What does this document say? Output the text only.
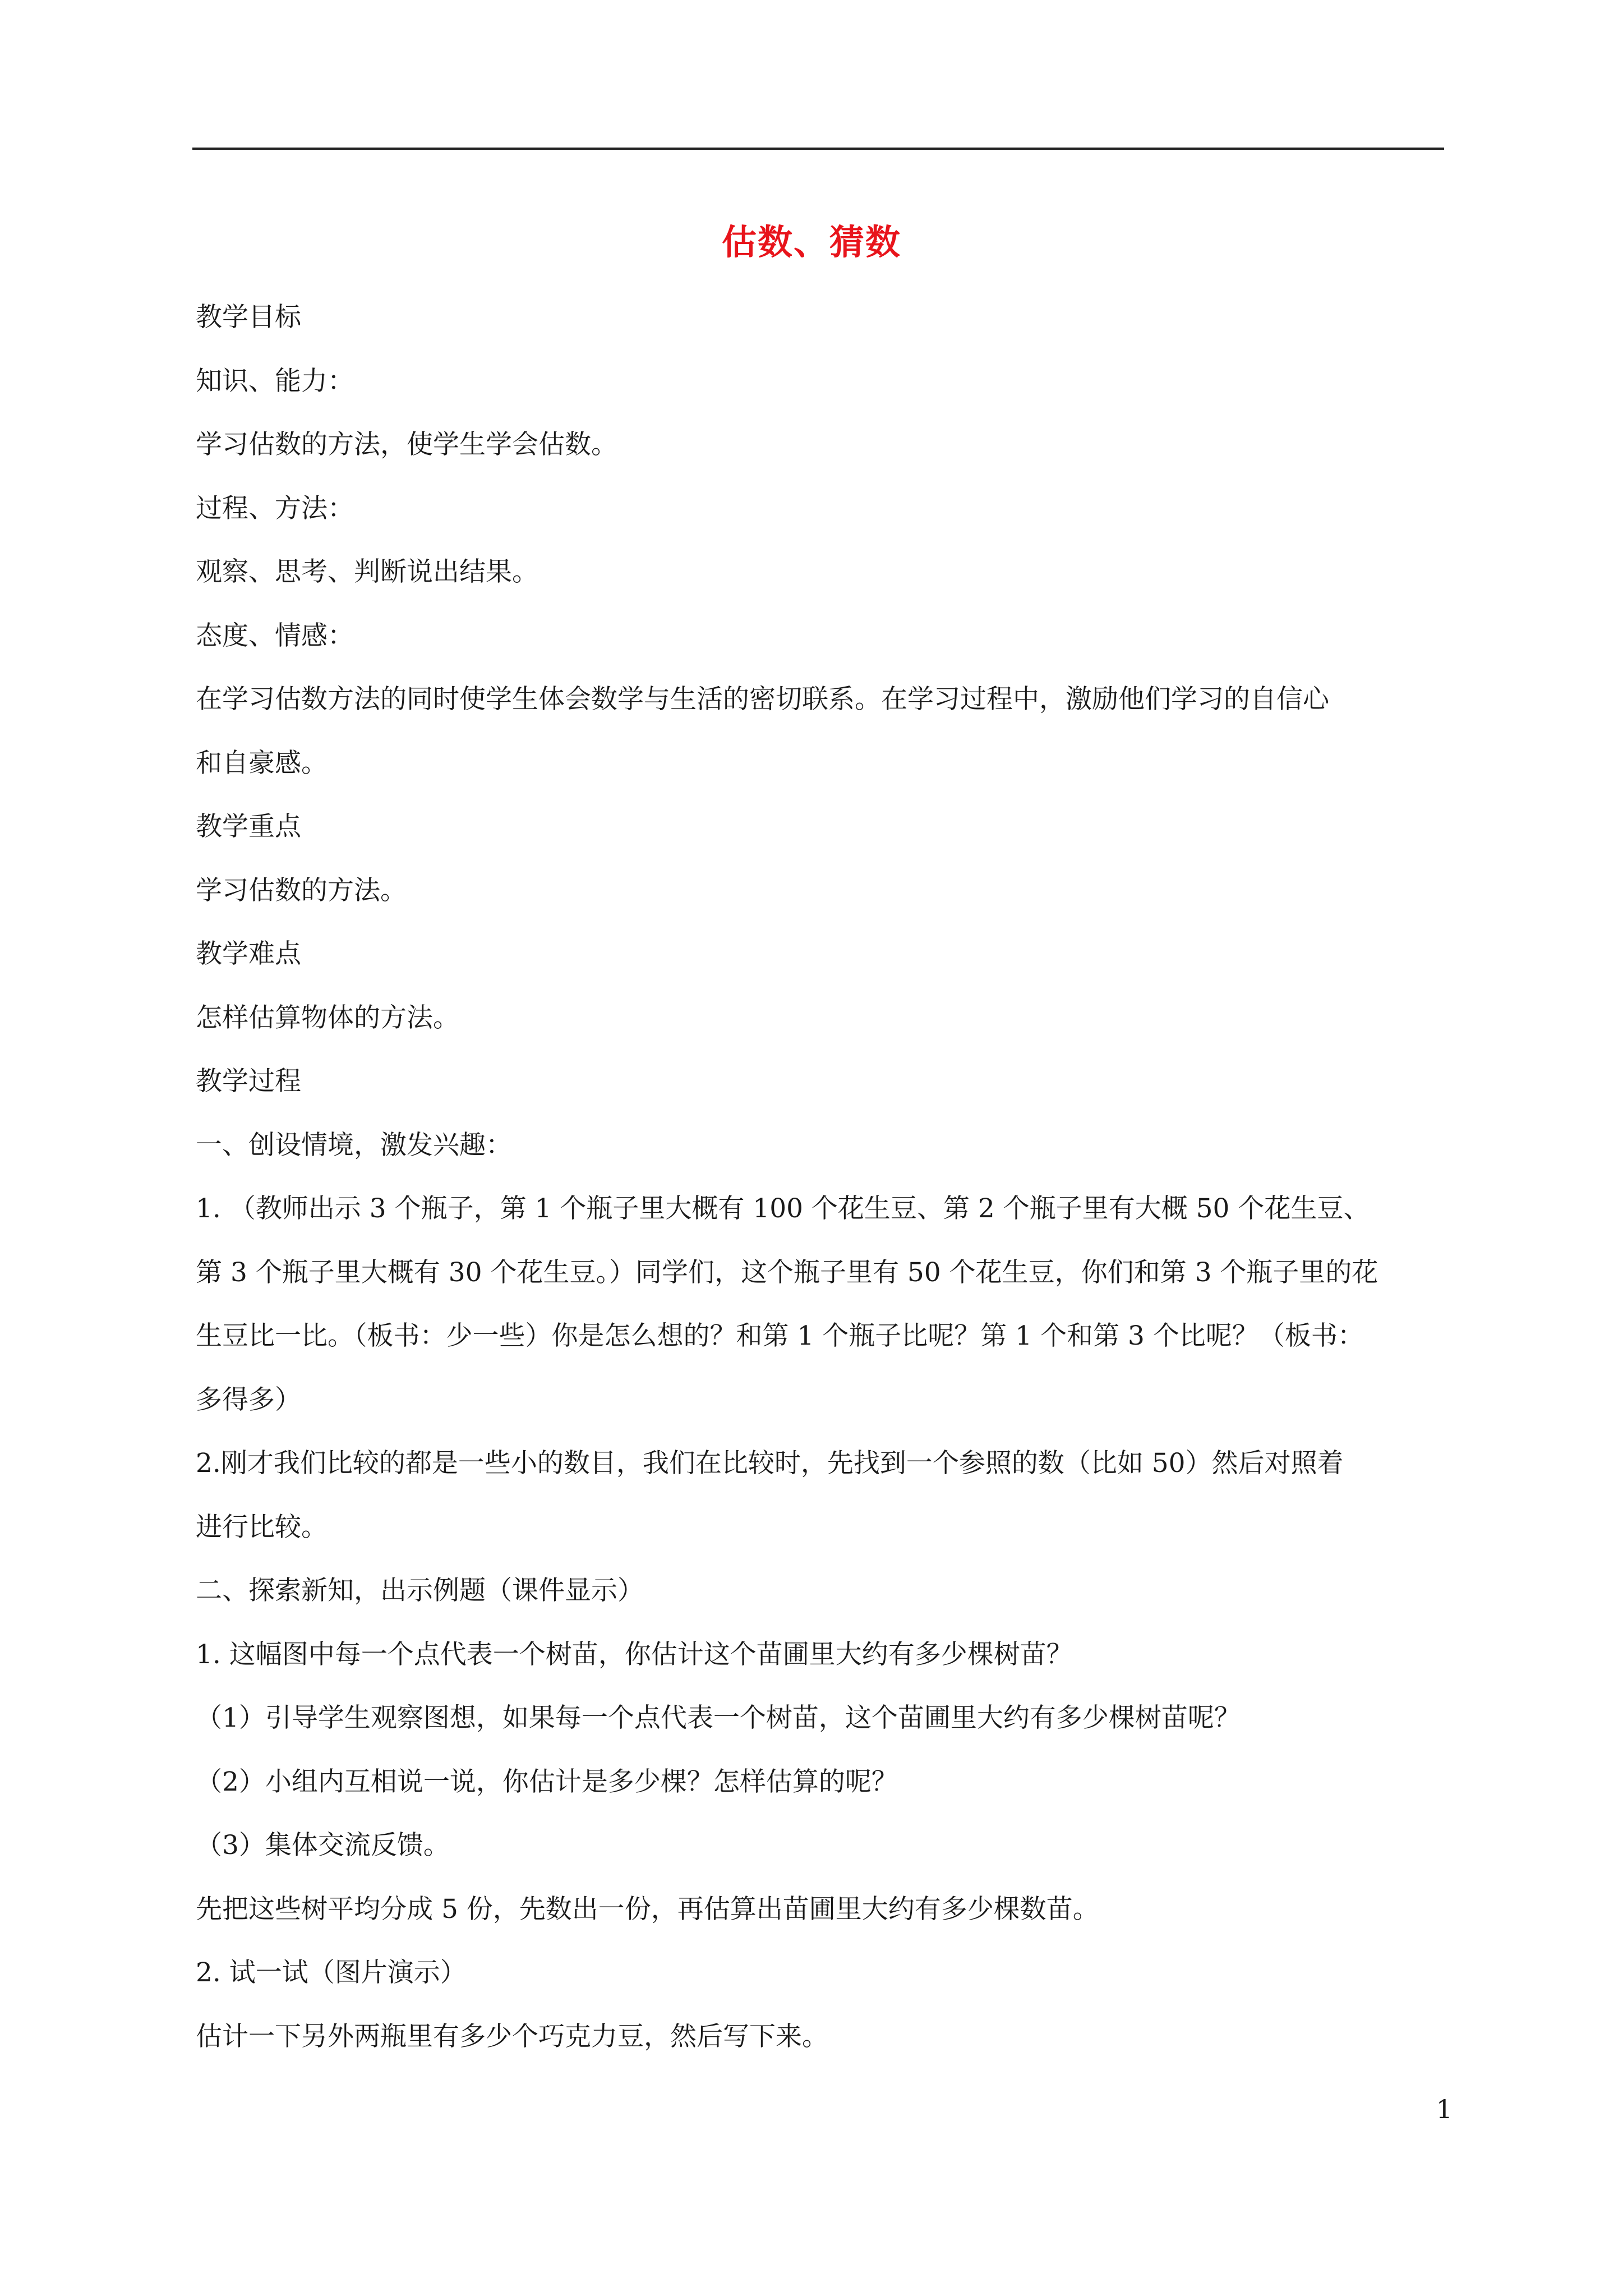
估数、猜数

教学目标

知识、能力：

学习估数的方法，使学生学会估数。

过程、方法：

观察、思考、判断说出结果。

态度、情感：

在学习估数方法的同时使学生体会数学与生活的密切联系。在学习过程中，激励他们学习的自信心

和自豪感。

教学重点

学习估数的方法。

教学难点

怎样估算物体的方法。

教学过程

一、创设情境，激发兴趣：

1. （教师出示 3 个瓶子，第 1 个瓶子里大概有 100 个花生豆、第 2 个瓶子里有大概 50 个花生豆、

第 3 个瓶子里大概有 30 个花生豆。）同学们，这个瓶子里有 50 个花生豆，你们和第 3 个瓶子里的花

生豆比一比。（板书：少一些）你是怎么想的？和第 1 个瓶子比呢？第 1 个和第 3 个比呢？（板书：

多得多）

2.刚才我们比较的都是一些小的数目，我们在比较时，先找到一个参照的数（比如 50）然后对照着

进行比较。

二、探索新知，出示例题（课件显示）

1. 这幅图中每一个点代表一个树苗，你估计这个苗圃里大约有多少棵树苗？

（1）引导学生观察图想，如果每一个点代表一个树苗，这个苗圃里大约有多少棵树苗呢？

（2）小组内互相说一说，你估计是多少棵？怎样估算的呢？

（3）集体交流反馈。

先把这些树平均分成 5 份，先数出一份，再估算出苗圃里大约有多少棵数苗。

2. 试一试（图片演示）

估计一下另外两瓶里有多少个巧克力豆，然后写下来。

1
